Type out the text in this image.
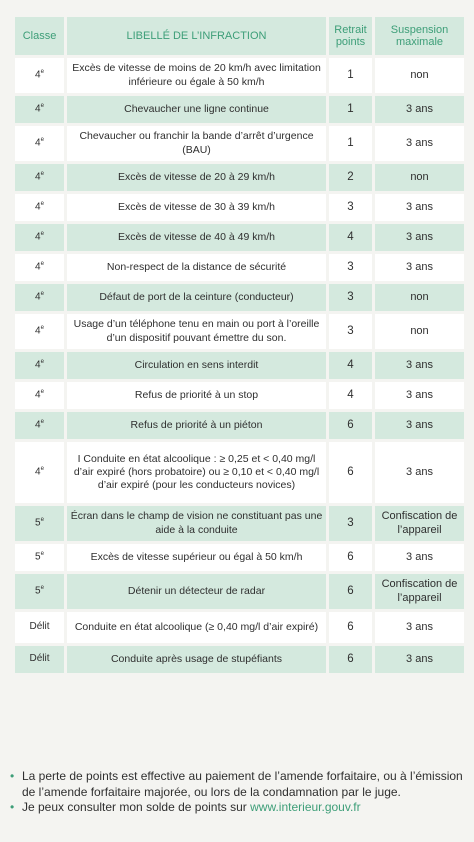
Classe	LIBELLÉ DE L’INFRACTION	Retrait points	Suspension maximale
4e	Excès de vitesse de moins de 20 km/h avec limitation inférieure ou égale à 50 km/h	1	non
4e	Chevaucher une ligne continue	1	3 ans
4e	Chevaucher ou franchir la bande d’arrêt d’urgence (BAU)	1	3 ans
4e	Excès de vitesse de 20 à 29 km/h	2	non
4e	Excès de vitesse de 30 à 39 km/h	3	3 ans
4e	Excès de vitesse de 40 à 49 km/h	4	3 ans
4e	Non-respect de la distance de sécurité	3	3 ans
4e	Défaut de port de la ceinture (conducteur)	3	non
4e	Usage d’un téléphone tenu en main ou port à l’oreille d’un dispositif pouvant émettre du son.	3	non
4e	Circulation en sens interdit	4	3 ans
4e	Refus de priorité à un stop	4	3 ans
4e	Refus de priorité à un piéton	6	3 ans
4e	I Conduite en état alcoolique : ≥ 0,25 et < 0,40 mg/l d’air expiré (hors probatoire) ou ≥ 0,10 et < 0,40 mg/l d’air expiré (pour les conducteurs novices)	6	3 ans
5e	Écran dans le champ de vision ne constituant pas une aide à la conduite	3	Confiscation de l’appareil
5e	Excès de vitesse supérieur ou égal à 50 km/h	6	3 ans
5e	Détenir un détecteur de radar	6	Confiscation de l’appareil
Délit	Conduite en état alcoolique (≥ 0,40 mg/l d’air expiré)	6	3 ans
Délit	Conduite après usage de stupéfiants	6	3 ans

• La perte de points est effective au paiement de l’amende forfaitaire, ou à l’émission de l’amende forfaitaire majorée, ou lors de la condamnation par le juge.

• Je peux consulter mon solde de points sur www.interieur.gouv.fr
